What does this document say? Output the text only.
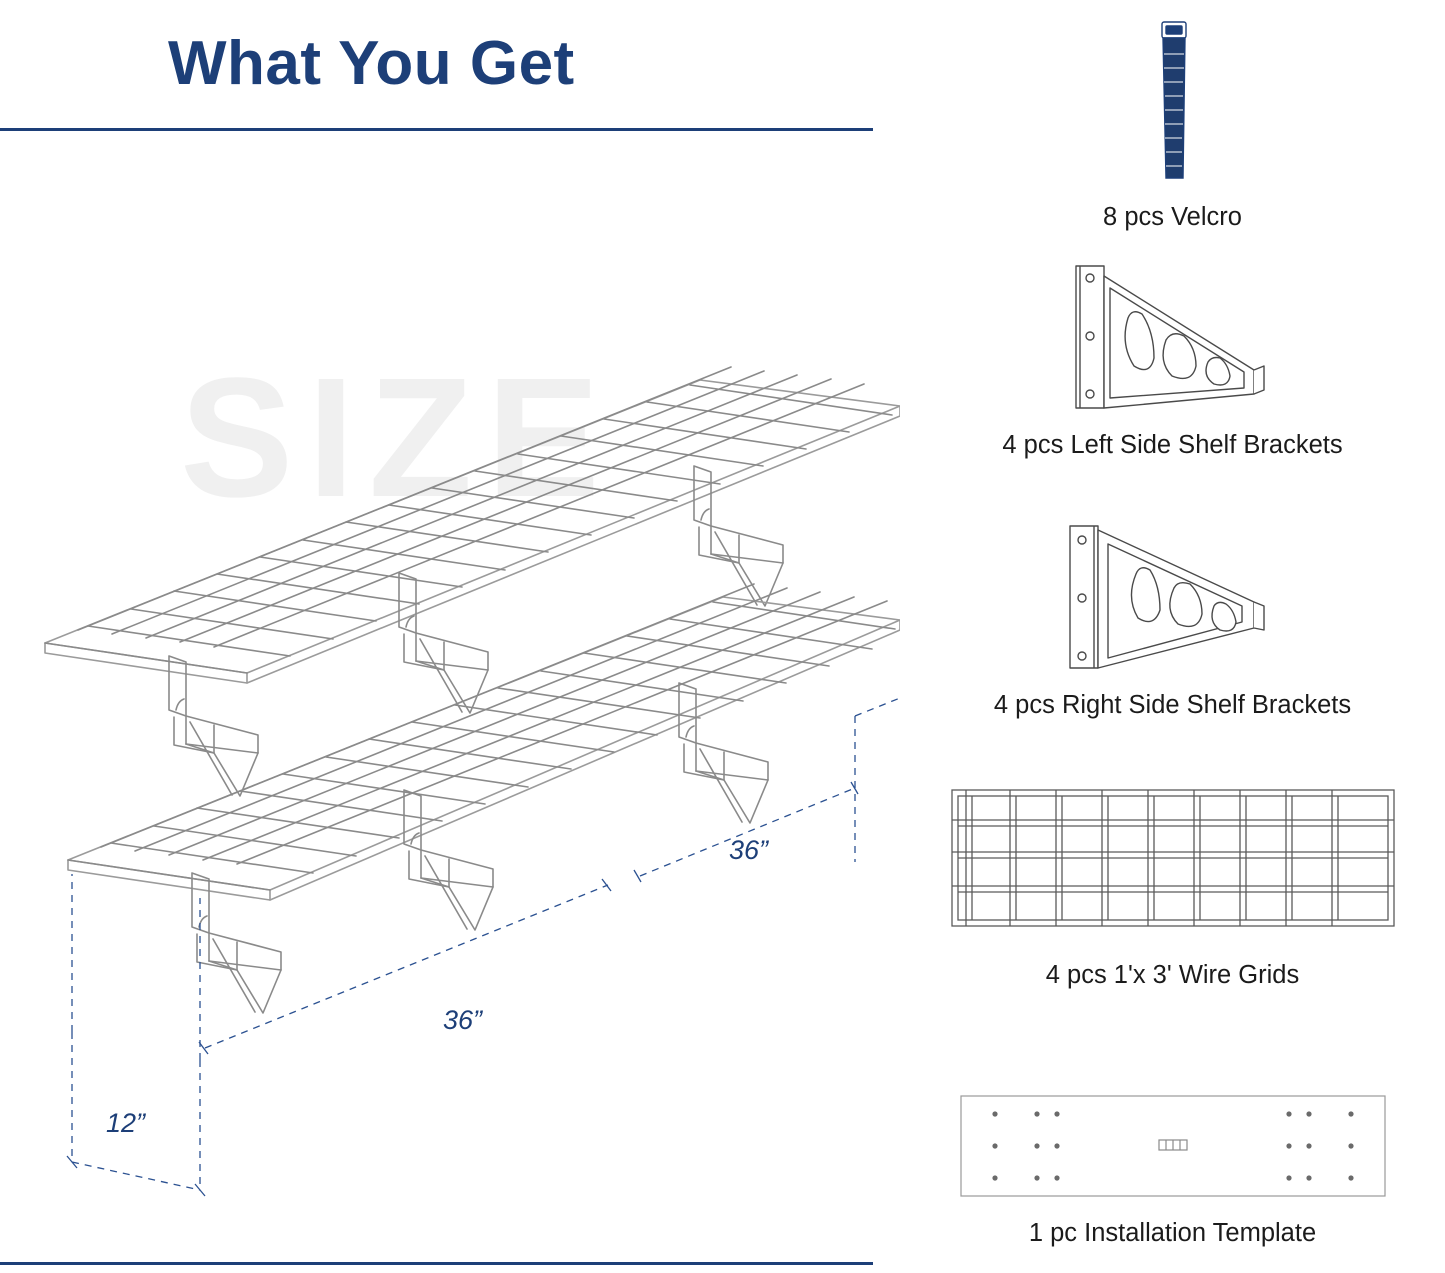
What You Get
SIZE
36”
36”
12”
8 pcs Velcro
4 pcs Left Side Shelf Brackets
4 pcs Right Side Shelf Brackets
4 pcs 1'x 3' Wire Grids
1 pc Installation Template
